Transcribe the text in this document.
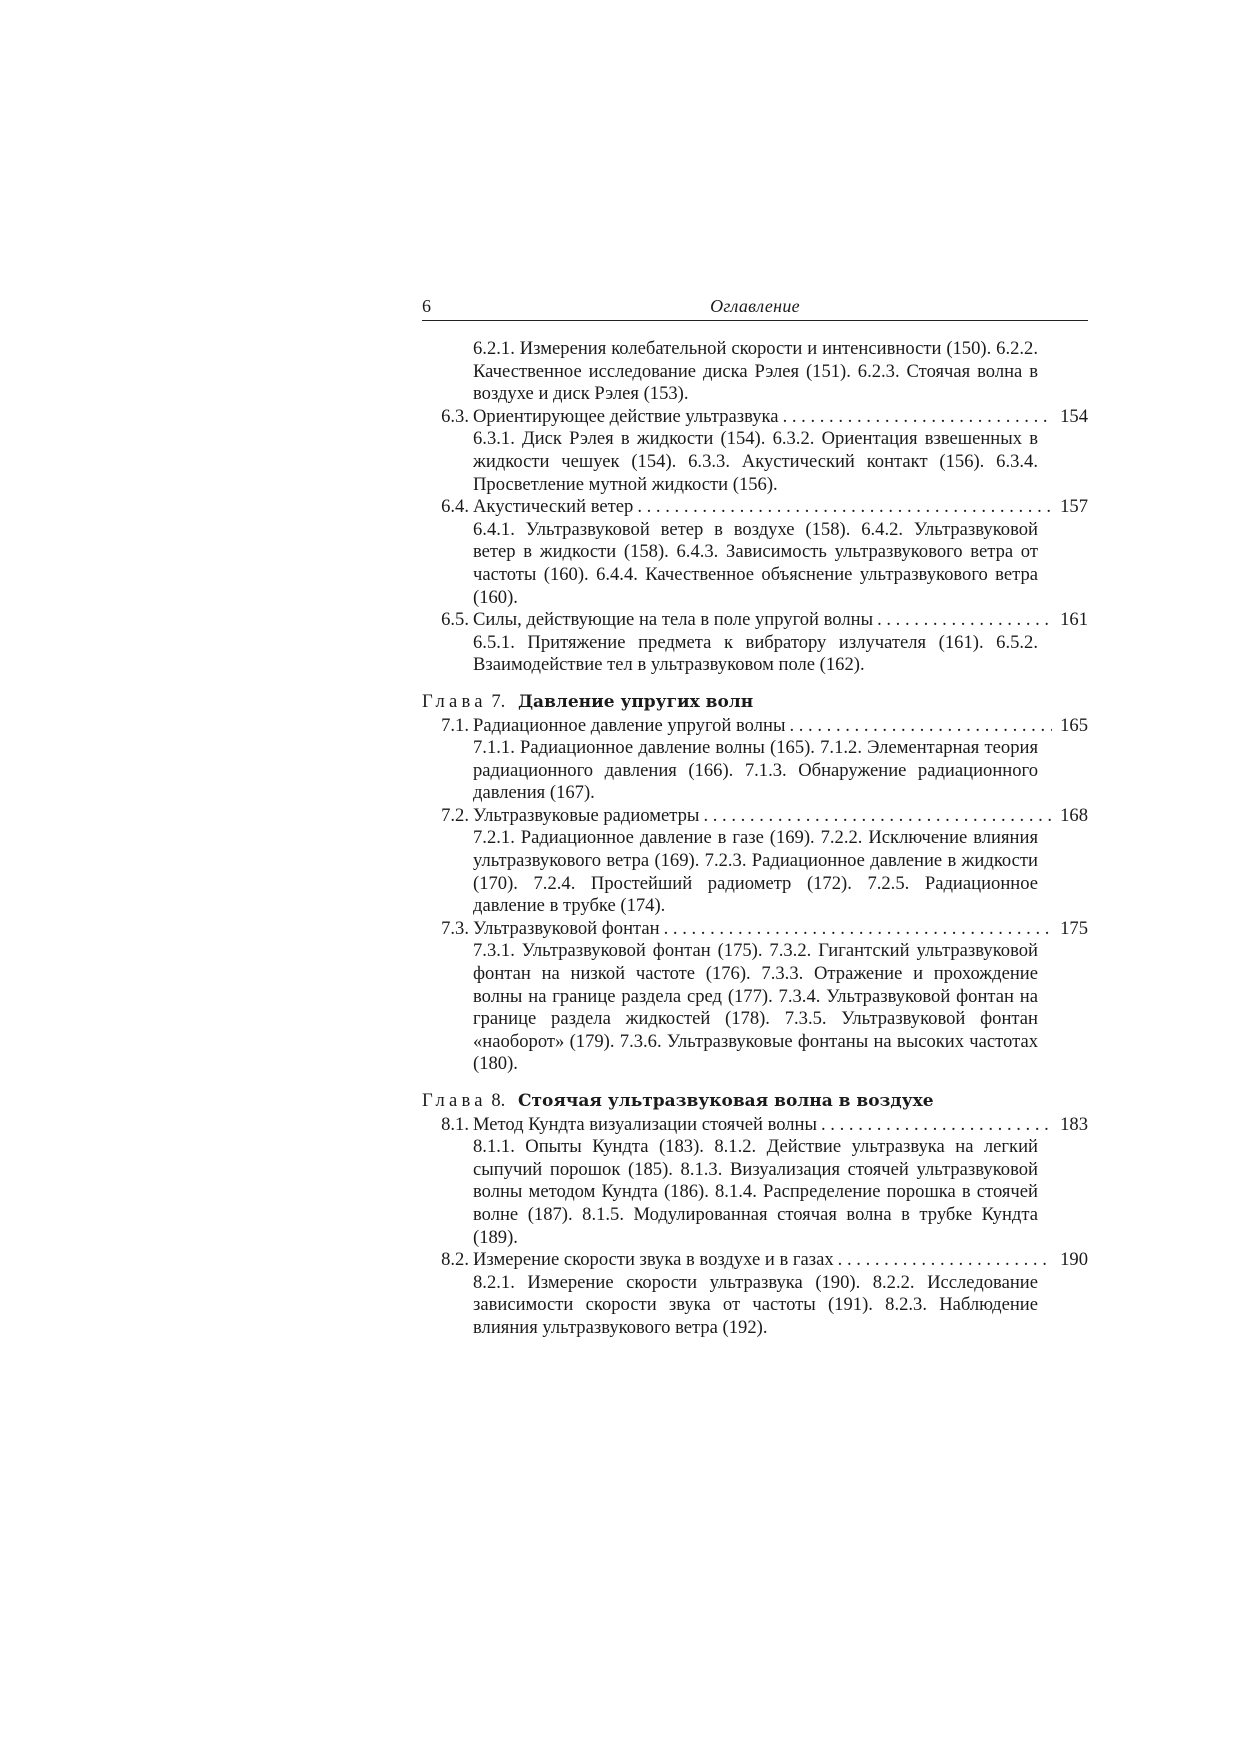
6	Оглавление
6.2.1. Измерения колебательной скорости и интенсивности (150). 6.2.2. Качественное исследование диска Рэлея (151). 6.2.3. Стоячая волна в воздухе и диск Рэлея (153).
6.3. Ориентирующее действие ультразвука . . .	154
6.3.1. Диск Рэлея в жидкости (154). 6.3.2. Ориентация взвешенных в жидкости чешуек (154). 6.3.3. Акустический контакт (156). 6.3.4. Просветление мутной жидкости (156).
6.4. Акустический ветер . . .	157
6.4.1. Ультразвуковой ветер в воздухе (158). 6.4.2. Ультразвуковой ветер в жидкости (158). 6.4.3. Зависимость ультразвукового ветра от частоты (160). 6.4.4. Качественное объяснение ультразвукового ветра (160).
6.5. Силы, действующие на тела в поле упругой волны . . .	161
6.5.1. Притяжение предмета к вибратору излучателя (161). 6.5.2. Взаимодействие тел в ультразвуковом поле (162).
Глава 7. Давление упругих волн
7.1. Радиационное давление упругой волны . . .	165
7.1.1. Радиационное давление волны (165). 7.1.2. Элементарная теория радиационного давления (166). 7.1.3. Обнаружение радиационного давления (167).
7.2. Ультразвуковые радиометры . . .	168
7.2.1. Радиационное давление в газе (169). 7.2.2. Исключение влияния ультразвукового ветра (169). 7.2.3. Радиационное давление в жидкости (170). 7.2.4. Простейший радиометр (172). 7.2.5. Радиационное давление в трубке (174).
7.3. Ультразвуковой фонтан . . .	175
7.3.1. Ультразвуковой фонтан (175). 7.3.2. Гигантский ультразвуковой фонтан на низкой частоте (176). 7.3.3. Отражение и прохождение волны на границе раздела сред (177). 7.3.4. Ультразвуковой фонтан на границе раздела жидкостей (178). 7.3.5. Ультразвуковой фонтан «наоборот» (179). 7.3.6. Ультразвуковые фонтаны на высоких частотах (180).
Глава 8. Стоячая ультразвуковая волна в воздухе
8.1. Метод Кундта визуализации стоячей волны . . .	183
8.1.1. Опыты Кундта (183). 8.1.2. Действие ультразвука на легкий сыпучий порошок (185). 8.1.3. Визуализация стоячей ультразвуковой волны методом Кундта (186). 8.1.4. Распределение порошка в стоячей волне (187). 8.1.5. Модулированная стоячая волна в трубке Кундта (189).
8.2. Измерение скорости звука в воздухе и в газах . . .	190
8.2.1. Измерение скорости ультразвука (190). 8.2.2. Исследование зависимости скорости звука от частоты (191). 8.2.3. Наблюдение влияния ультразвукового ветра (192).
